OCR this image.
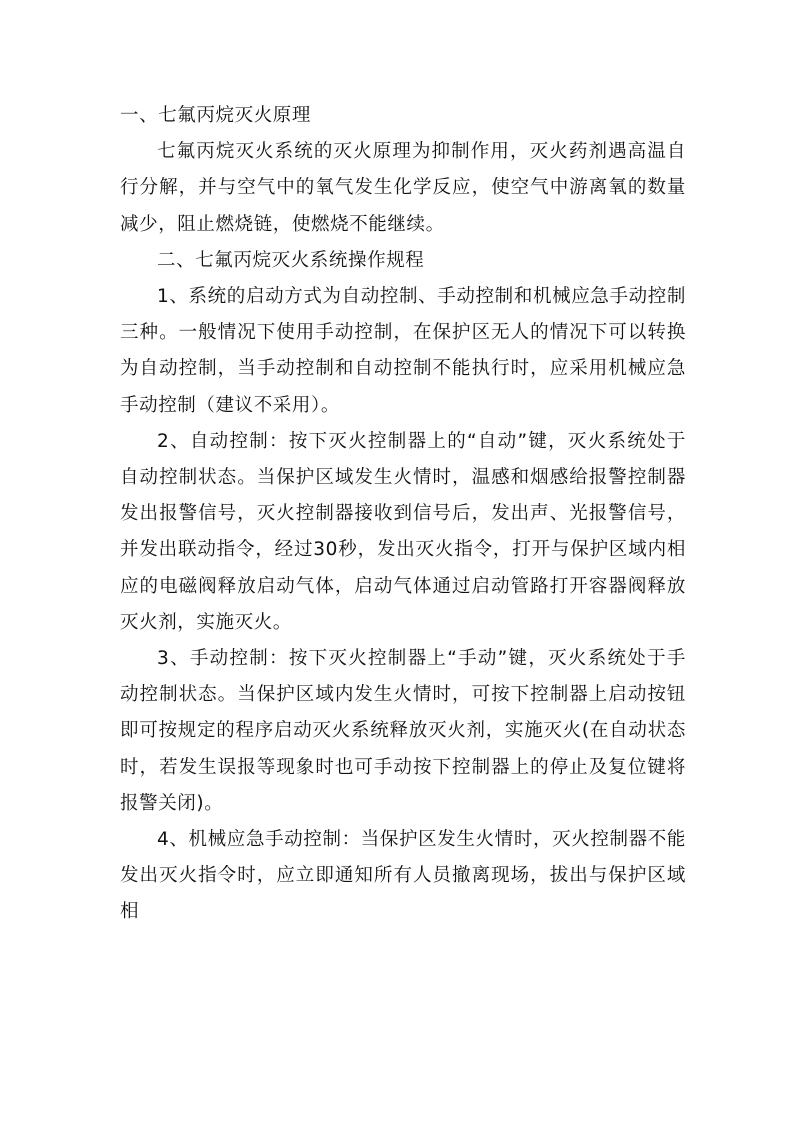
一、七氟丙烷灭火原理

七氟丙烷灭火系统的灭火原理为抑制作用，灭火药剂遇高温自行分解，并与空气中的氧气发生化学反应，使空气中游离氧的数量减少，阻止燃烧链，使燃烧不能继续。

二、七氟丙烷灭火系统操作规程

1、系统的启动方式为自动控制、手动控制和机械应急手动控制三种。一般情况下使用手动控制，在保护区无人的情况下可以转换为自动控制，当手动控制和自动控制不能执行时，应采用机械应急手动控制（建议不采用）。

2、自动控制：按下灭火控制器上的“自动”键，灭火系统处于自动控制状态。当保护区域发生火情时，温感和烟感给报警控制器发出报警信号，灭火控制器接收到信号后，发出声、光报警信号，并发出联动指令，经过30秒，发出灭火指令，打开与保护区域内相应的电磁阀释放启动气体，启动气体通过启动管路打开容器阀释放灭火剂，实施灭火。

3、手动控制：按下灭火控制器上“手动”键，灭火系统处于手动控制状态。当保护区域内发生火情时，可按下控制器上启动按钮即可按规定的程序启动灭火系统释放灭火剂，实施灭火(在自动状态时，若发生误报等现象时也可手动按下控制器上的停止及复位键将报警关闭)。

4、机械应急手动控制：当保护区发生火情时，灭火控制器不能发出灭火指令时，应立即通知所有人员撤离现场，拔出与保护区域相
